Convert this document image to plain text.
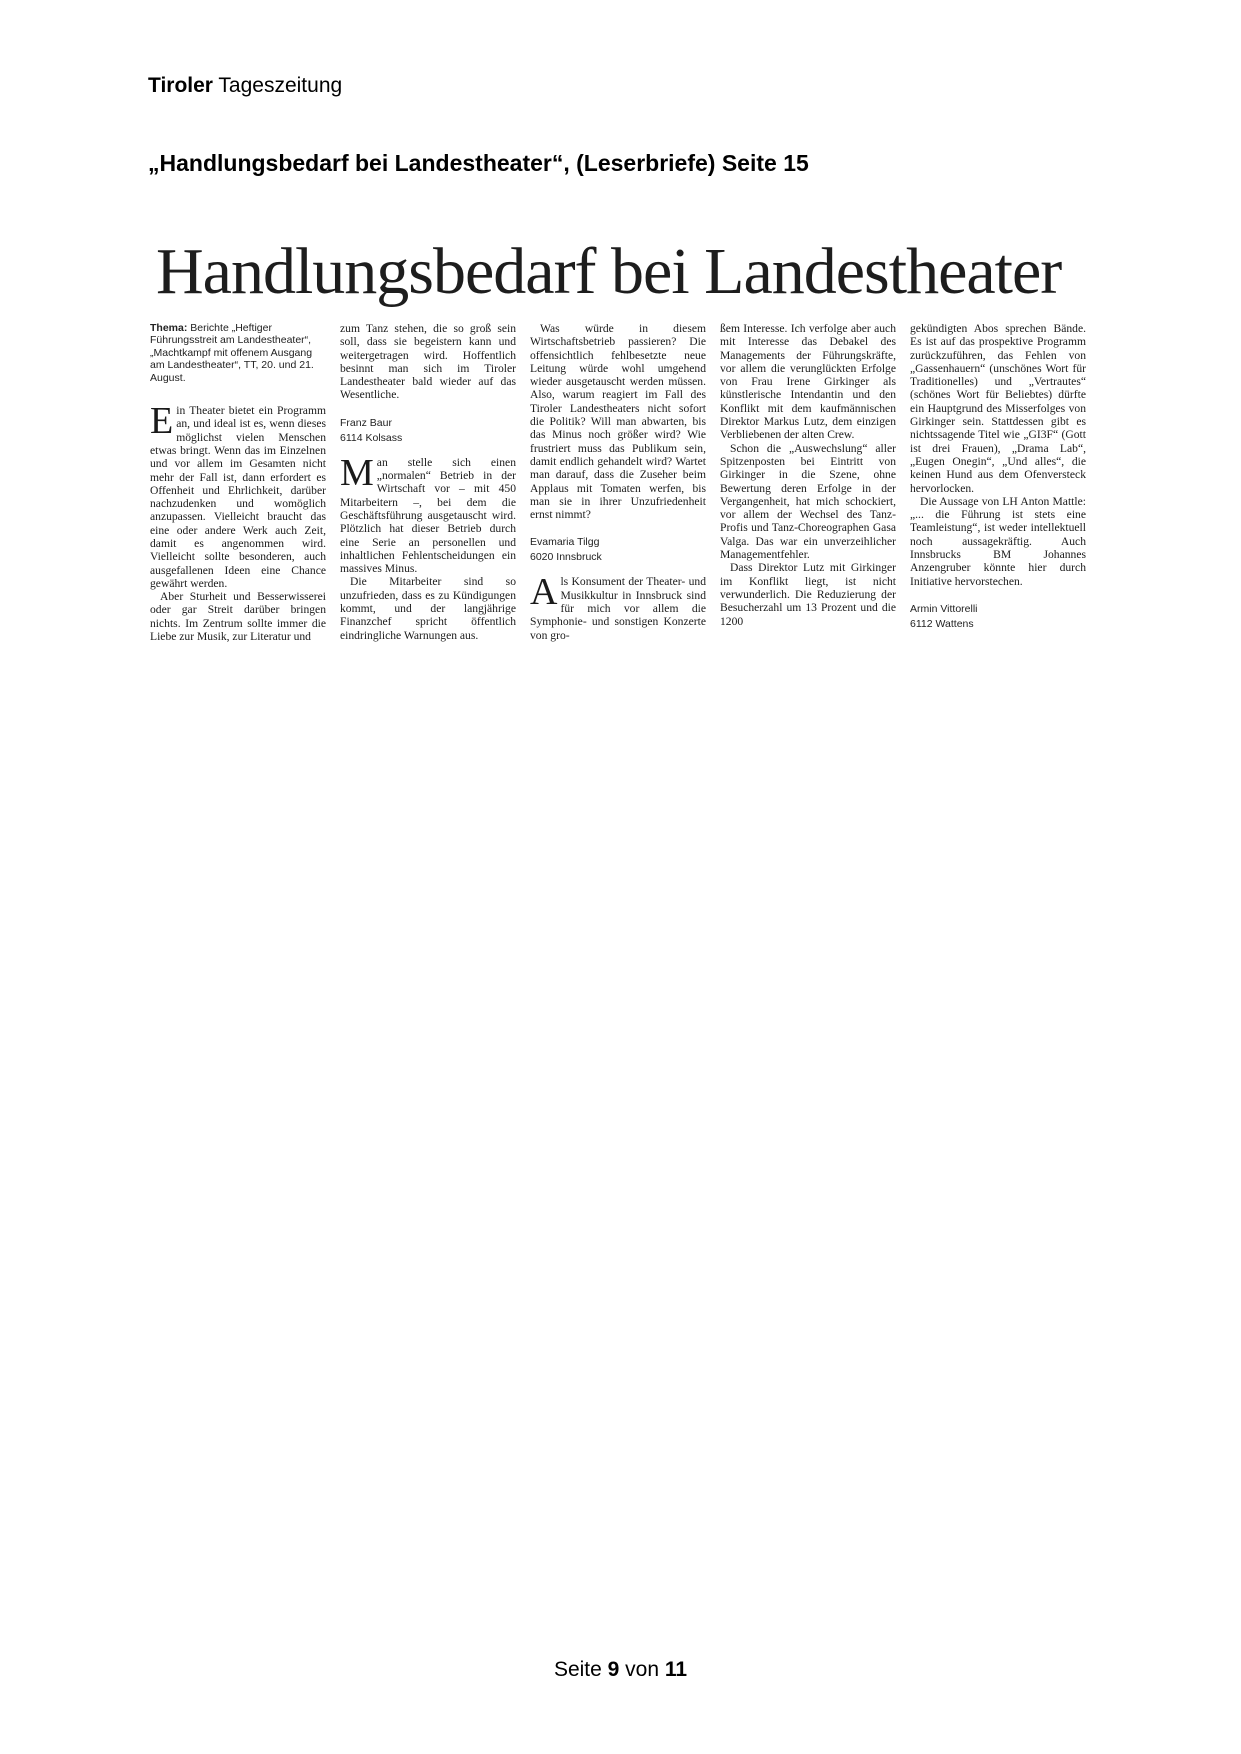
Tiroler Tageszeitung
„Handlungsbedarf bei Landestheater“, (Leserbriefe) Seite 15
Handlungsbedarf bei Landestheater
Thema: Berichte „Heftiger Führungsstreit am Landestheater“, „Machtkampf mit offenem Ausgang am Landestheater“, TT, 20. und 21. August.

Ein Theater bietet ein Programm an, und ideal ist es, wenn dieses möglichst vielen Menschen etwas bringt. Wenn das im Einzelnen und vor allem im Gesamten nicht mehr der Fall ist, dann erfordert es Offenheit und Ehrlichkeit, darüber nachzudenken und womöglich anzupassen. Vielleicht braucht das eine oder andere Werk auch Zeit, damit es angenommen wird. Vielleicht sollte besonderen, auch ausgefallenen Ideen eine Chance gewährt werden.

Aber Sturheit und Besserwisserei oder gar Streit darüber bringen nichts. Im Zentrum sollte immer die Liebe zur Musik, zur Literatur und

zum Tanz stehen, die so groß sein soll, dass sie begeistern kann und weitergetragen wird. Hoffentlich besinnt man sich im Tiroler Landestheater bald wieder auf das Wesentliche.

Franz Baur
6114 Kolsass

Man stelle sich einen „normalen“ Betrieb in der Wirtschaft vor – mit 450 Mitarbeitern –, bei dem die Geschäftsführung ausgetauscht wird. Plötzlich hat dieser Betrieb durch eine Serie an personellen und inhaltlichen Fehlentscheidungen ein massives Minus.

Die Mitarbeiter sind so unzufrieden, dass es zu Kündigungen kommt, und der langjährige Finanzchef spricht öffentlich eindringliche Warnungen aus.

Was würde in diesem Wirtschaftsbetrieb passieren? Die offensichtlich fehlbesetzte neue Leitung würde wohl umgehend wieder ausgetauscht werden müssen. Also, warum reagiert im Fall des Tiroler Landestheaters nicht sofort die Politik? Will man abwarten, bis das Minus noch größer wird? Wie frustriert muss das Publikum sein, damit endlich gehandelt wird? Wartet man darauf, dass die Zuseher beim Applaus mit Tomaten werfen, bis man sie in ihrer Unzufriedenheit ernst nimmt?

Evamaria Tilgg
6020 Innsbruck

Als Konsument der Theater- und Musikkultur in Innsbruck sind für mich vor allem die Symphonie- und sonstigen Konzerte von gro-

ßem Interesse. Ich verfolge aber auch mit Interesse das Debakel des Managements der Führungskräfte, vor allem die verunglückten Erfolge von Frau Irene Girkinger als künstlerische Intendantin und den Konflikt mit dem kaufmännischen Direktor Markus Lutz, dem einzigen Verbliebenen der alten Crew.

Schon die „Auswechslung“ aller Spitzenposten bei Eintritt von Girkinger in die Szene, ohne Bewertung deren Erfolge in der Vergangenheit, hat mich schockiert, vor allem der Wechsel des Tanz-Profis und Tanz-Choreographen Gasa Valga. Das war ein unverzeihlicher Managementfehler.

Dass Direktor Lutz mit Girkinger im Konflikt liegt, ist nicht verwunderlich. Die Reduzierung der Besucherzahl um 13 Prozent und die 1200

gekündigten Abos sprechen Bände. Es ist auf das prospektive Programm zurückzuführen, das Fehlen von „Gassenhauern“ (unschönes Wort für Traditionelles) und „Vertrautes“ (schönes Wort für Beliebtes) dürfte ein Hauptgrund des Misserfolges von Girkinger sein. Stattdessen gibt es nichtssagende Titel wie „GI3F“ (Gott ist drei Frauen), „Drama Lab“, „Eugen Onegin“, „Und alles“, die keinen Hund aus dem Ofenversteck hervorlocken.

Die Aussage von LH Anton Mattle: „... die Führung ist stets eine Teamleistung“, ist weder intellektuell noch aussagekräftig. Auch Innsbrucks BM Johannes Anzengruber könnte hier durch Initiative hervorstechen.

Armin Vittorelli
6112 Wattens
Seite 9 von 11
